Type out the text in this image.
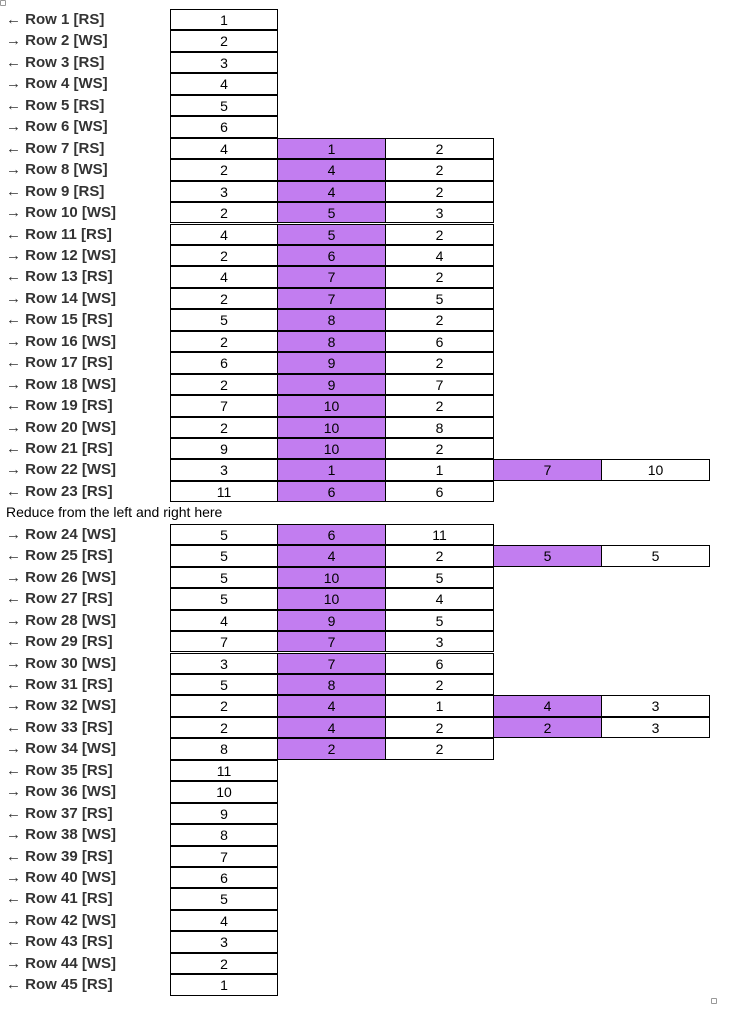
← Row 1 [RS]	1
→ Row 2 [WS]	2
← Row 3 [RS]	3
→ Row 4 [WS]	4
← Row 5 [RS]	5
→ Row 6 [WS]	6
← Row 7 [RS]	4	1	2
→ Row 8 [WS]	2	4	2
← Row 9 [RS]	3	4	2
→ Row 10 [WS]	2	5	3
← Row 11 [RS]	4	5	2
→ Row 12 [WS]	2	6	4
← Row 13 [RS]	4	7	2
→ Row 14 [WS]	2	7	5
← Row 15 [RS]	5	8	2
→ Row 16 [WS]	2	8	6
← Row 17 [RS]	6	9	2
→ Row 18 [WS]	2	9	7
← Row 19 [RS]	7	10	2
→ Row 20 [WS]	2	10	8
← Row 21 [RS]	9	10	2
→ Row 22 [WS]	3	1	1	7	10
← Row 23 [RS]	11	6	6
Reduce from the left and right here
→ Row 24 [WS]	5	6	11
← Row 25 [RS]	5	4	2	5	5
→ Row 26 [WS]	5	10	5
← Row 27 [RS]	5	10	4
→ Row 28 [WS]	4	9	5
← Row 29 [RS]	7	7	3
→ Row 30 [WS]	3	7	6
← Row 31 [RS]	5	8	2
→ Row 32 [WS]	2	4	1	4	3
← Row 33 [RS]	2	4	2	2	3
→ Row 34 [WS]	8	2	2
← Row 35 [RS]	11
→ Row 36 [WS]	10
← Row 37 [RS]	9
→ Row 38 [WS]	8
← Row 39 [RS]	7
→ Row 40 [WS]	6
← Row 41 [RS]	5
→ Row 42 [WS]	4
← Row 43 [RS]	3
→ Row 44 [WS]	2
← Row 45 [RS]	1
